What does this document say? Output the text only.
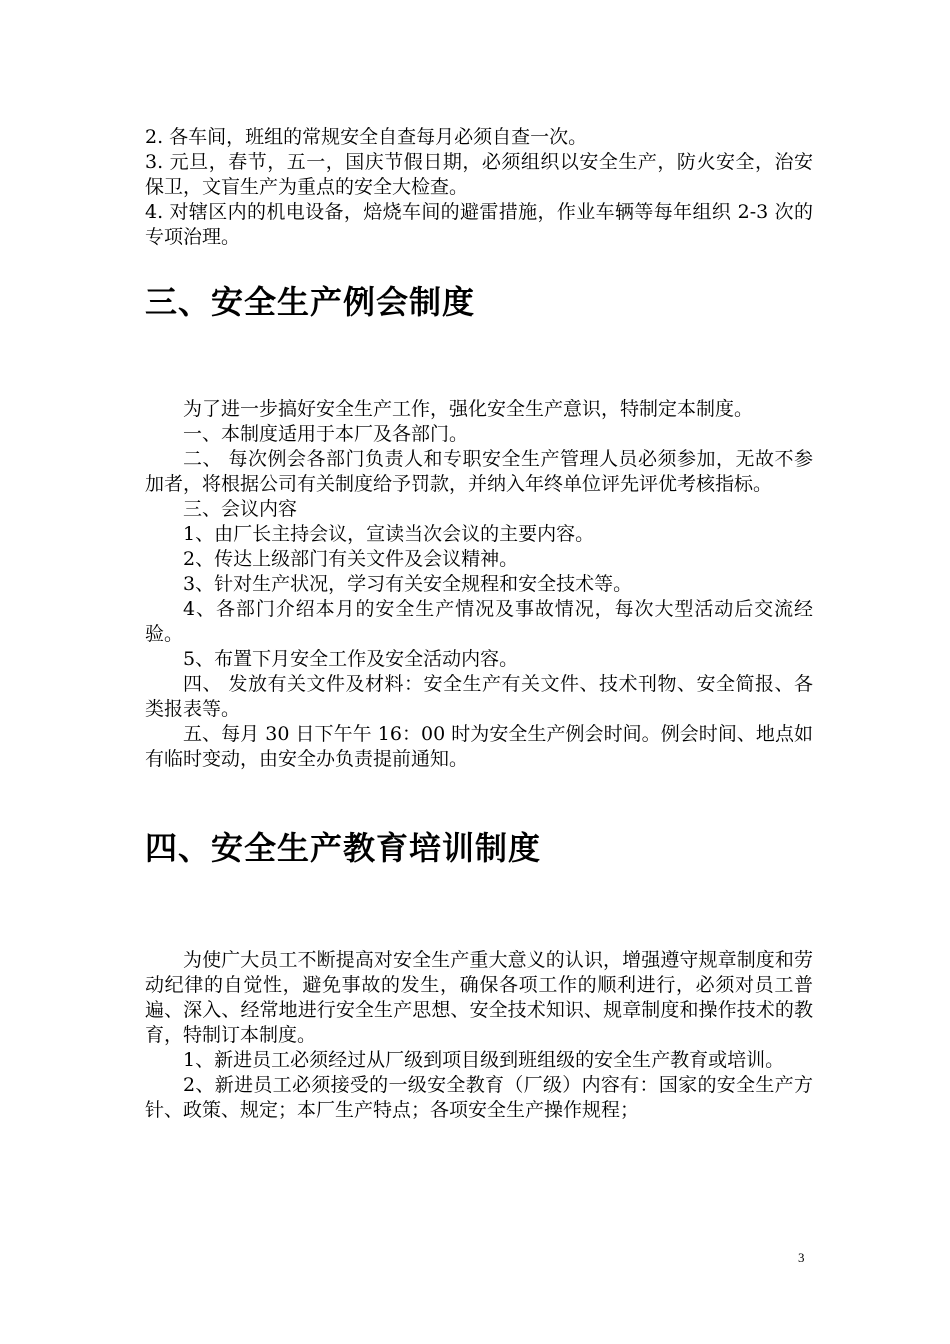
2. 各车间，班组的常规安全自查每月必须自查一次。

3. 元旦，春节，五一，国庆节假日期，必须组织以安全生产，防火安全，治安保卫，文盲生产为重点的安全大检查。

4. 对辖区内的机电设备，焙烧车间的避雷措施，作业车辆等每年组织 2-3 次的专项治理。

三、安全生产例会制度

为了进一步搞好安全生产工作，强化安全生产意识，特制定本制度。

一、本制度适用于本厂及各部门。

二、 每次例会各部门负责人和专职安全生产管理人员必须参加，无故不参加者，将根据公司有关制度给予罚款，并纳入年终单位评先评优考核指标。

三、会议内容

1、由厂长主持会议，宣读当次会议的主要内容。

2、传达上级部门有关文件及会议精神。

3、针对生产状况，学习有关安全规程和安全技术等。

4、各部门介绍本月的安全生产情况及事故情况，每次大型活动后交流经验。

5、布置下月安全工作及安全活动内容。

四、 发放有关文件及材料：安全生产有关文件、技术刊物、安全简报、各类报表等。

五、每月 30 日下午午 16：00 时为安全生产例会时间。例会时间、地点如有临时变动，由安全办负责提前通知。

四、安全生产教育培训制度

为使广大员工不断提高对安全生产重大意义的认识，增强遵守规章制度和劳动纪律的自觉性，避免事故的发生，确保各项工作的顺利进行，必须对员工普遍、深入、经常地进行安全生产思想、安全技术知识、规章制度和操作技术的教育，特制订本制度。

1、新进员工必须经过从厂级到项目级到班组级的安全生产教育或培训。

2、新进员工必须接受的一级安全教育（厂级）内容有：国家的安全生产方针、政策、规定；本厂生产特点；各项安全生产操作规程；

3
